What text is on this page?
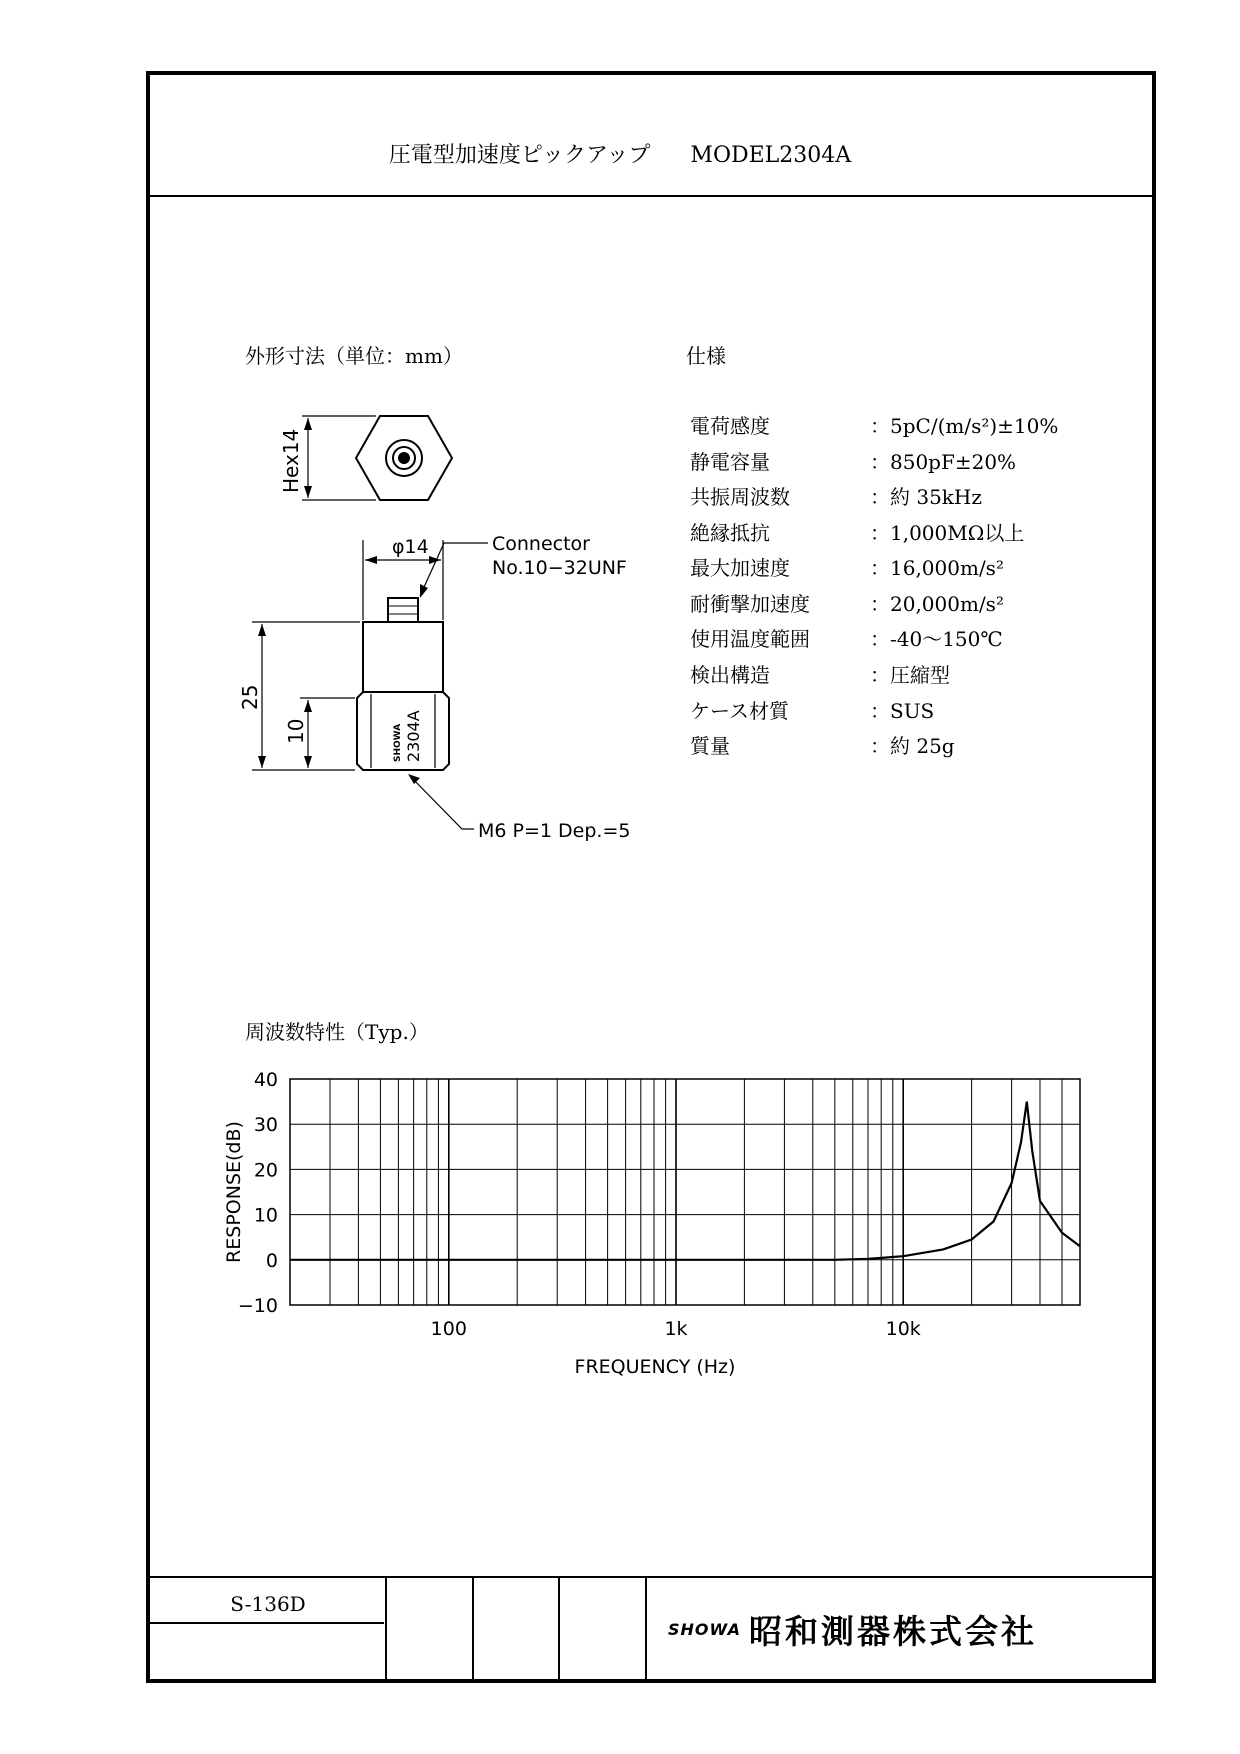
圧電型加速度ピックアップ MODEL2304A
外形寸法（単位：mm）	仕様
Hex14
φ14	Connector
No.10−32UNF
25
10
M6 P=1 Dep.=5
SHOWA 2304A
電荷感度	：5pC/(m/s²)±10%
静電容量	：850pF±20%
共振周波数	：約 35kHz
絶縁抵抗	：1,000MΩ以上
最大加速度	：16,000m/s²
耐衝撃加速度	：20,000m/s²
使用温度範囲	：-40〜150℃
検出構造	：圧縮型
ケース材質	：SUS
質量	：約 25g
周波数特性（Typ.）
40
30
20
10
0
−10
100	1k	10k
FREQUENCY (Hz)
RESPONSE(dB)
S-136D
SHOWA 昭和測器株式会社
